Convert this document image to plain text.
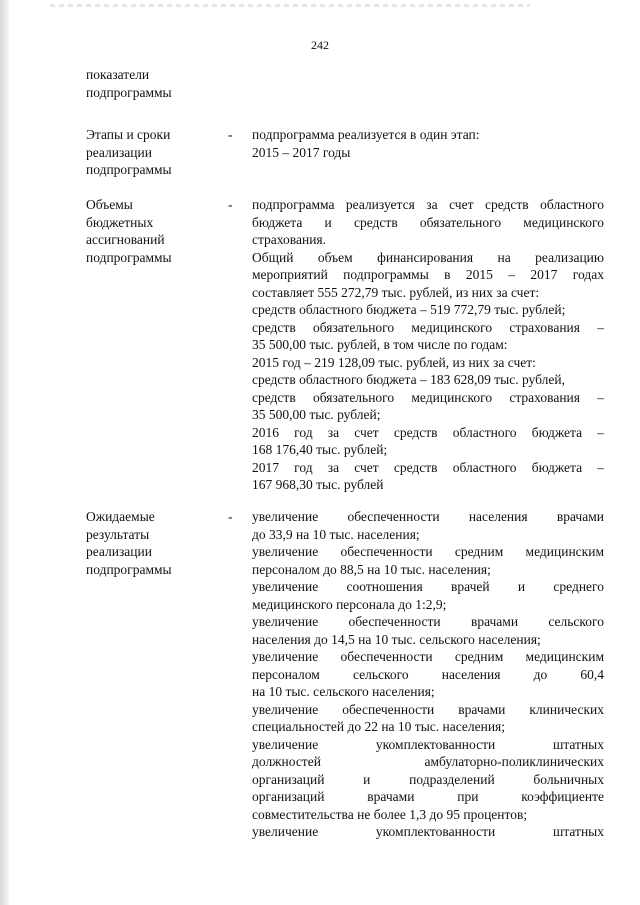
242
показатели
подпрограммы
Этапы и сроки
реализации
подпрограммы
- подпрограмма реализуется в один этап:

2015 – 2017 годы

Объемы
бюджетных
ассигнований
подпрограммы
- подпрограмма реализуется за счет средств областного

бюджета и средств обязательного медицинского

страхования.

Общий объем финансирования на реализацию

мероприятий подпрограммы в 2015 – 2017 годах

составляет 555 272,79 тыс. рублей, из них за счет:

средств областного бюджета – 519 772,79 тыс. рублей;

средств обязательного медицинского страхования –

35 500,00 тыс. рублей, в том числе по годам:

2015 год – 219 128,09 тыс. рублей, из них за счет:

средств областного бюджета – 183 628,09 тыс. рублей,

средств обязательного медицинского страхования –

35 500,00 тыс. рублей;

2016 год за счет средств областного бюджета –

168 176,40 тыс. рублей;

2017 год за счет средств областного бюджета –

167 968,30 тыс. рублей

Ожидаемые
результаты
реализации
подпрограммы
- увеличение обеспеченности населения врачами

до 33,9 на 10 тыс. населения;

увеличение обеспеченности средним медицинским

персоналом до 88,5 на 10 тыс. населения;

увеличение соотношения врачей и среднего

медицинского персонала до 1:2,9;

увеличение обеспеченности врачами сельского

населения до 14,5 на 10 тыс. сельского населения;

увеличение обеспеченности средним медицинским

персоналом сельского населения до 60,4

на 10 тыс. сельского населения;

увеличение обеспеченности врачами клинических

специальностей до 22 на 10 тыс. населения;

увеличение укомплектованности штатных

должностей амбулаторно-поликлинических

организаций и подразделений больничных

организаций врачами при коэффициенте

совместительства не более 1,3 до 95 процентов;

увеличение укомплектованности штатных
